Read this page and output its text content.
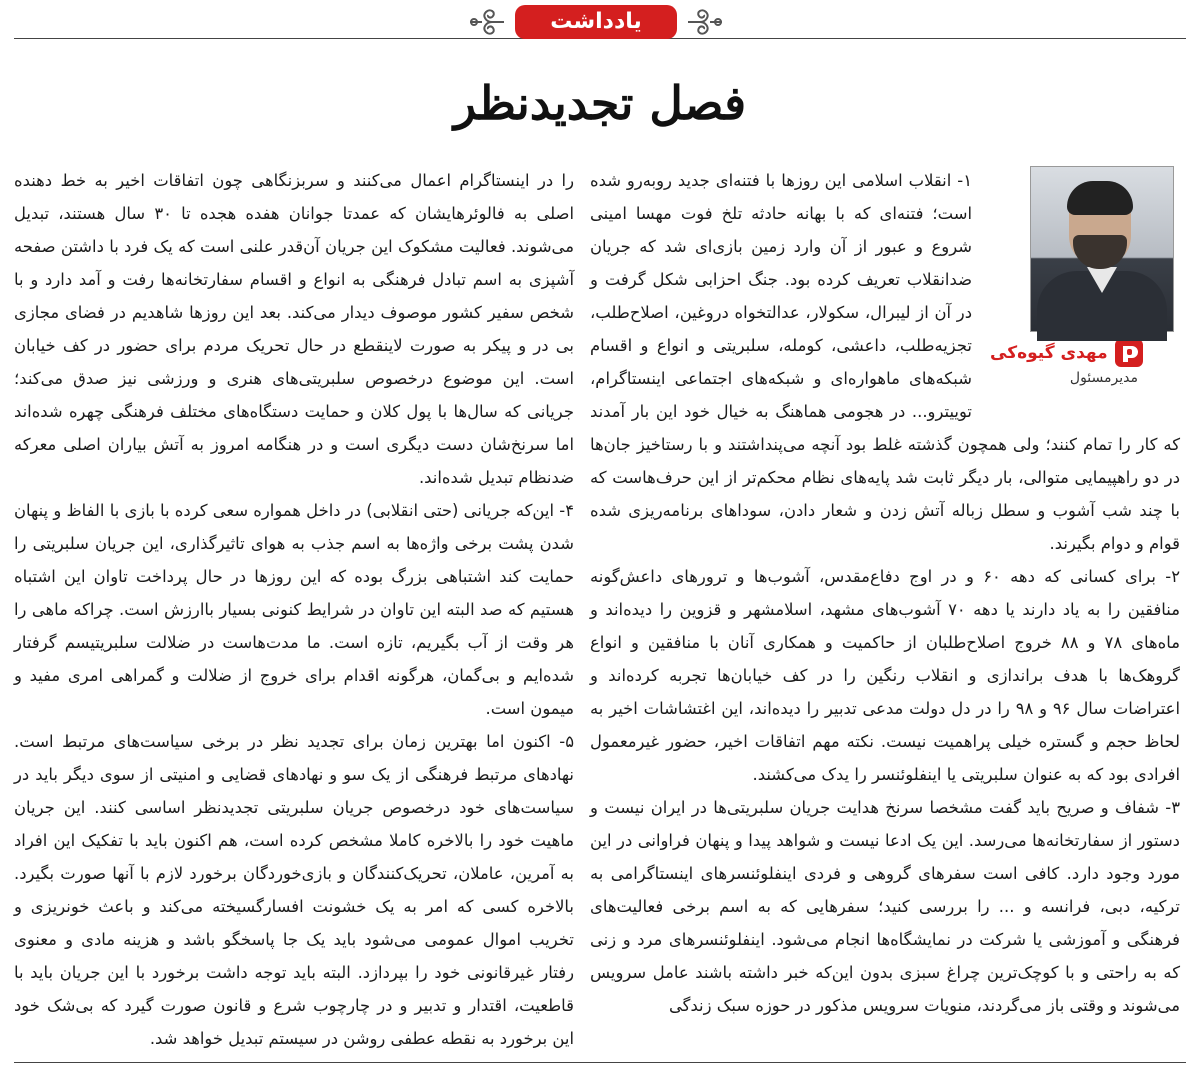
یادداشت
فصل تجدیدنظر
مهدی گیوه‌کی
مدیرمسئول

۱- انقلاب اسلامی این روزها با فتنه‌ای جدید روبه‌رو شده است؛ فتنه‌ای که با بهانه حادثه تلخ فوت مهسا امینی شروع و عبور از آن وارد زمین بازی‌ای شد که جریان ضدانقلاب تعریف کرده بود. جنگ احزابی شکل گرفت و در آن از لیبرال، سکولار، عدالتخواه دروغین، اصلاح‌طلب، تجزیه‌طلب، داعشی، کومله، سلبریتی و انواع و اقسام شبکه‌های ماهواره‌ای و شبکه‌های اجتماعی اینستاگرام، توییترو... در هجومی هماهنگ به خیال خود این بار آمدند که کار را تمام کنند؛ ولی همچون گذشته غلط بود آنچه می‌پنداشتند و با رستاخیز جان‌ها در دو راهپیمایی متوالی، بار دیگر ثابت شد پایه‌های نظام محکم‌تر از این حرف‌هاست که با چند شب آشوب و سطل زباله آتش زدن و شعار دادن، سوداهای برنامه‌ریزی شده قوام و دوام بگیرند.

۲- برای کسانی که دهه ۶۰ و در اوج دفاع‌مقدس، آشوب‌ها و ترورهای داعش‌گونه منافقین را به یاد دارند یا دهه ۷۰ آشوب‌های مشهد، اسلامشهر و قزوین را دیده‌اند و ماه‌های ۷۸ و ۸۸ خروج اصلاح‌طلبان از حاکمیت و همکاری آنان با منافقین و انواع گروهک‌ها با هدف براندازی و انقلاب رنگین را در کف خیابان‌ها تجربه کرده‌اند و اعتراضات سال ۹۶ و ۹۸ را در دل دولت مدعی تدبیر را دیده‌اند، این اغتشاشات اخیر به لحاظ حجم و گستره خیلی پراهمیت نیست. نکته مهم اتفاقات اخیر، حضور غیرمعمول افرادی بود که به عنوان سلبریتی یا اینفلوئنسر را یدک می‌کشند.

۳- شفاف و صریح باید گفت مشخصا سرنخ هدایت جریان سلبریتی‌ها در ایران نیست و دستور از سفارتخانه‌ها می‌رسد. این یک ادعا نیست و شواهد پیدا و پنهان فراوانی در این مورد وجود دارد. کافی است سفرهای گروهی و فردی اینفلوئنسرهای اینستاگرامی به ترکیه، دبی، فرانسه و ... را بررسی کنید؛ سفرهایی که به اسم برخی فعالیت‌های فرهنگی و آموزشی یا شرکت در نمایشگاه‌ها انجام می‌شود. اینفلوئنسرهای مرد و زنی که به راحتی و با کوچک‌ترین چراغ سبزی بدون این‌که خبر داشته باشند عامل سرویس می‌شوند و وقتی باز می‌گردند، منویات سرویس مذکور در حوزه سبک زندگی

را در اینستاگرام اعمال می‌کنند و سربزنگاهی چون اتفاقات اخیر به خط دهنده اصلی به فالوئرهایشان که عمدتا جوانان هفده هجده تا ۳۰ سال هستند، تبدیل می‌شوند. فعالیت مشکوک این جریان آن‌قدر علنی است که یک فرد با داشتن صفحه آشپزی به اسم تبادل فرهنگی به انواع و اقسام سفارتخانه‌ها رفت و آمد دارد و با شخص سفیر کشور موصوف دیدار می‌کند. بعد این روزها شاهدیم در فضای مجازی بی در و پیکر به صورت لاینقطع در حال تحریک مردم برای حضور در کف خیابان است. این موضوع درخصوص سلبریتی‌های هنری و ورزشی نیز صدق می‌کند؛ جریانی که سال‌ها با پول کلان و حمایت دستگاه‌های مختلف فرهنگی چهره شده‌اند اما سرنخ‌شان دست دیگری است و در هنگامه امروز به آتش بیاران اصلی معرکه ضدنظام تبدیل شده‌اند.

۴- این‌که جریانی (حتی انقلابی) در داخل همواره سعی کرده با بازی با الفاظ و پنهان شدن پشت برخی واژه‌ها به اسم جذب به هوای تاثیرگذاری، این جریان سلبریتی را حمایت کند اشتباهی بزرگ بوده که این روزها در حال پرداخت تاوان این اشتباه هستیم که صد البته این تاوان در شرایط کنونی بسیار باارزش است. چراکه ماهی را هر وقت از آب بگیریم، تازه است. ما مدت‌هاست در ضلالت سلبریتیسم گرفتار شده‌ایم و بی‌گمان، هرگونه اقدام برای خروج از ضلالت و گمراهی امری مفید و میمون است.

۵- اکنون اما بهترین زمان برای تجدید نظر در برخی سیاست‌های مرتبط است. نهادهای مرتبط فرهنگی از یک سو و نهادهای قضایی و امنیتی از سوی دیگر باید در سیاست‌های خود درخصوص جریان سلبریتی تجدیدنظر اساسی کنند. این جریان ماهیت خود را بالاخره کاملا مشخص کرده است، هم اکنون باید با تفکیک این افراد به آمرین، عاملان، تحریک‌کنندگان و بازی‌خوردگان برخورد لازم با آنها صورت بگیرد. بالاخره کسی که امر به یک خشونت افسارگسیخته می‌کند و باعث خونریزی و تخریب اموال عمومی می‌شود باید یک جا پاسخگو باشد و هزینه مادی و معنوی رفتار غیرقانونی خود را بپردازد. البته باید توجه داشت برخورد با این جریان باید با قاطعیت، اقتدار و تدبیر و در چارچوب شرع و قانون صورت گیرد که بی‌شک خود این برخورد به نقطه عطفی روشن در سیستم تبدیل خواهد شد.
